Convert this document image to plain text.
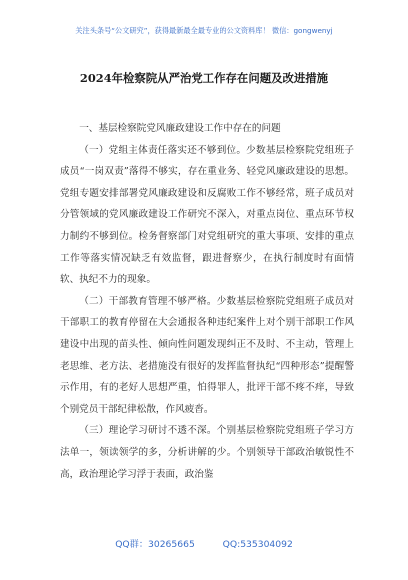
关注头条号“公文研究”，获得最新最全最专业的公文资料库！ 微信：gongwenyj
2024年检察院从严治党工作存在问题及改进措施

一、基层检察院党风廉政建设工作中存在的问题

（一）党组主体责任落实还不够到位。少数基层检察院党组班子成员“一岗双责”落得不够实，存在重业务、轻党风廉政建设的思想。党组专题安排部署党风廉政建设和反腐败工作不够经常，班子成员对分管领域的党风廉政建设工作研究不深入，对重点岗位、重点环节权力制约不够到位。检务督察部门对党组研究的重大事项、安排的重点工作等落实情况缺乏有效监督，跟进督察少，在执行制度时有面情软、执纪不力的现象。

（二）干部教育管理不够严格。少数基层检察院党组班子成员对干部职工的教育停留在大会通报各种违纪案件上对个别干部职工作风建设中出现的苗头性、倾向性问题发现纠正不及时、不主动，管理上老思维、老方法、老措施没有很好的发挥监督执纪“四种形态”提醒警示作用，有的老好人思想严重，怕得罪人，批评干部不疼不痒，导致个别党员干部纪律松散，作风疲沓。

（三）理论学习研讨不透不深。个别基层检察院党组班子学习方法单一，领读领学的多，分析讲解的少。个别领导干部政治敏锐性不高，政治理论学习浮于表面，政治鉴

QQ群：30265665	QQ:535304092
